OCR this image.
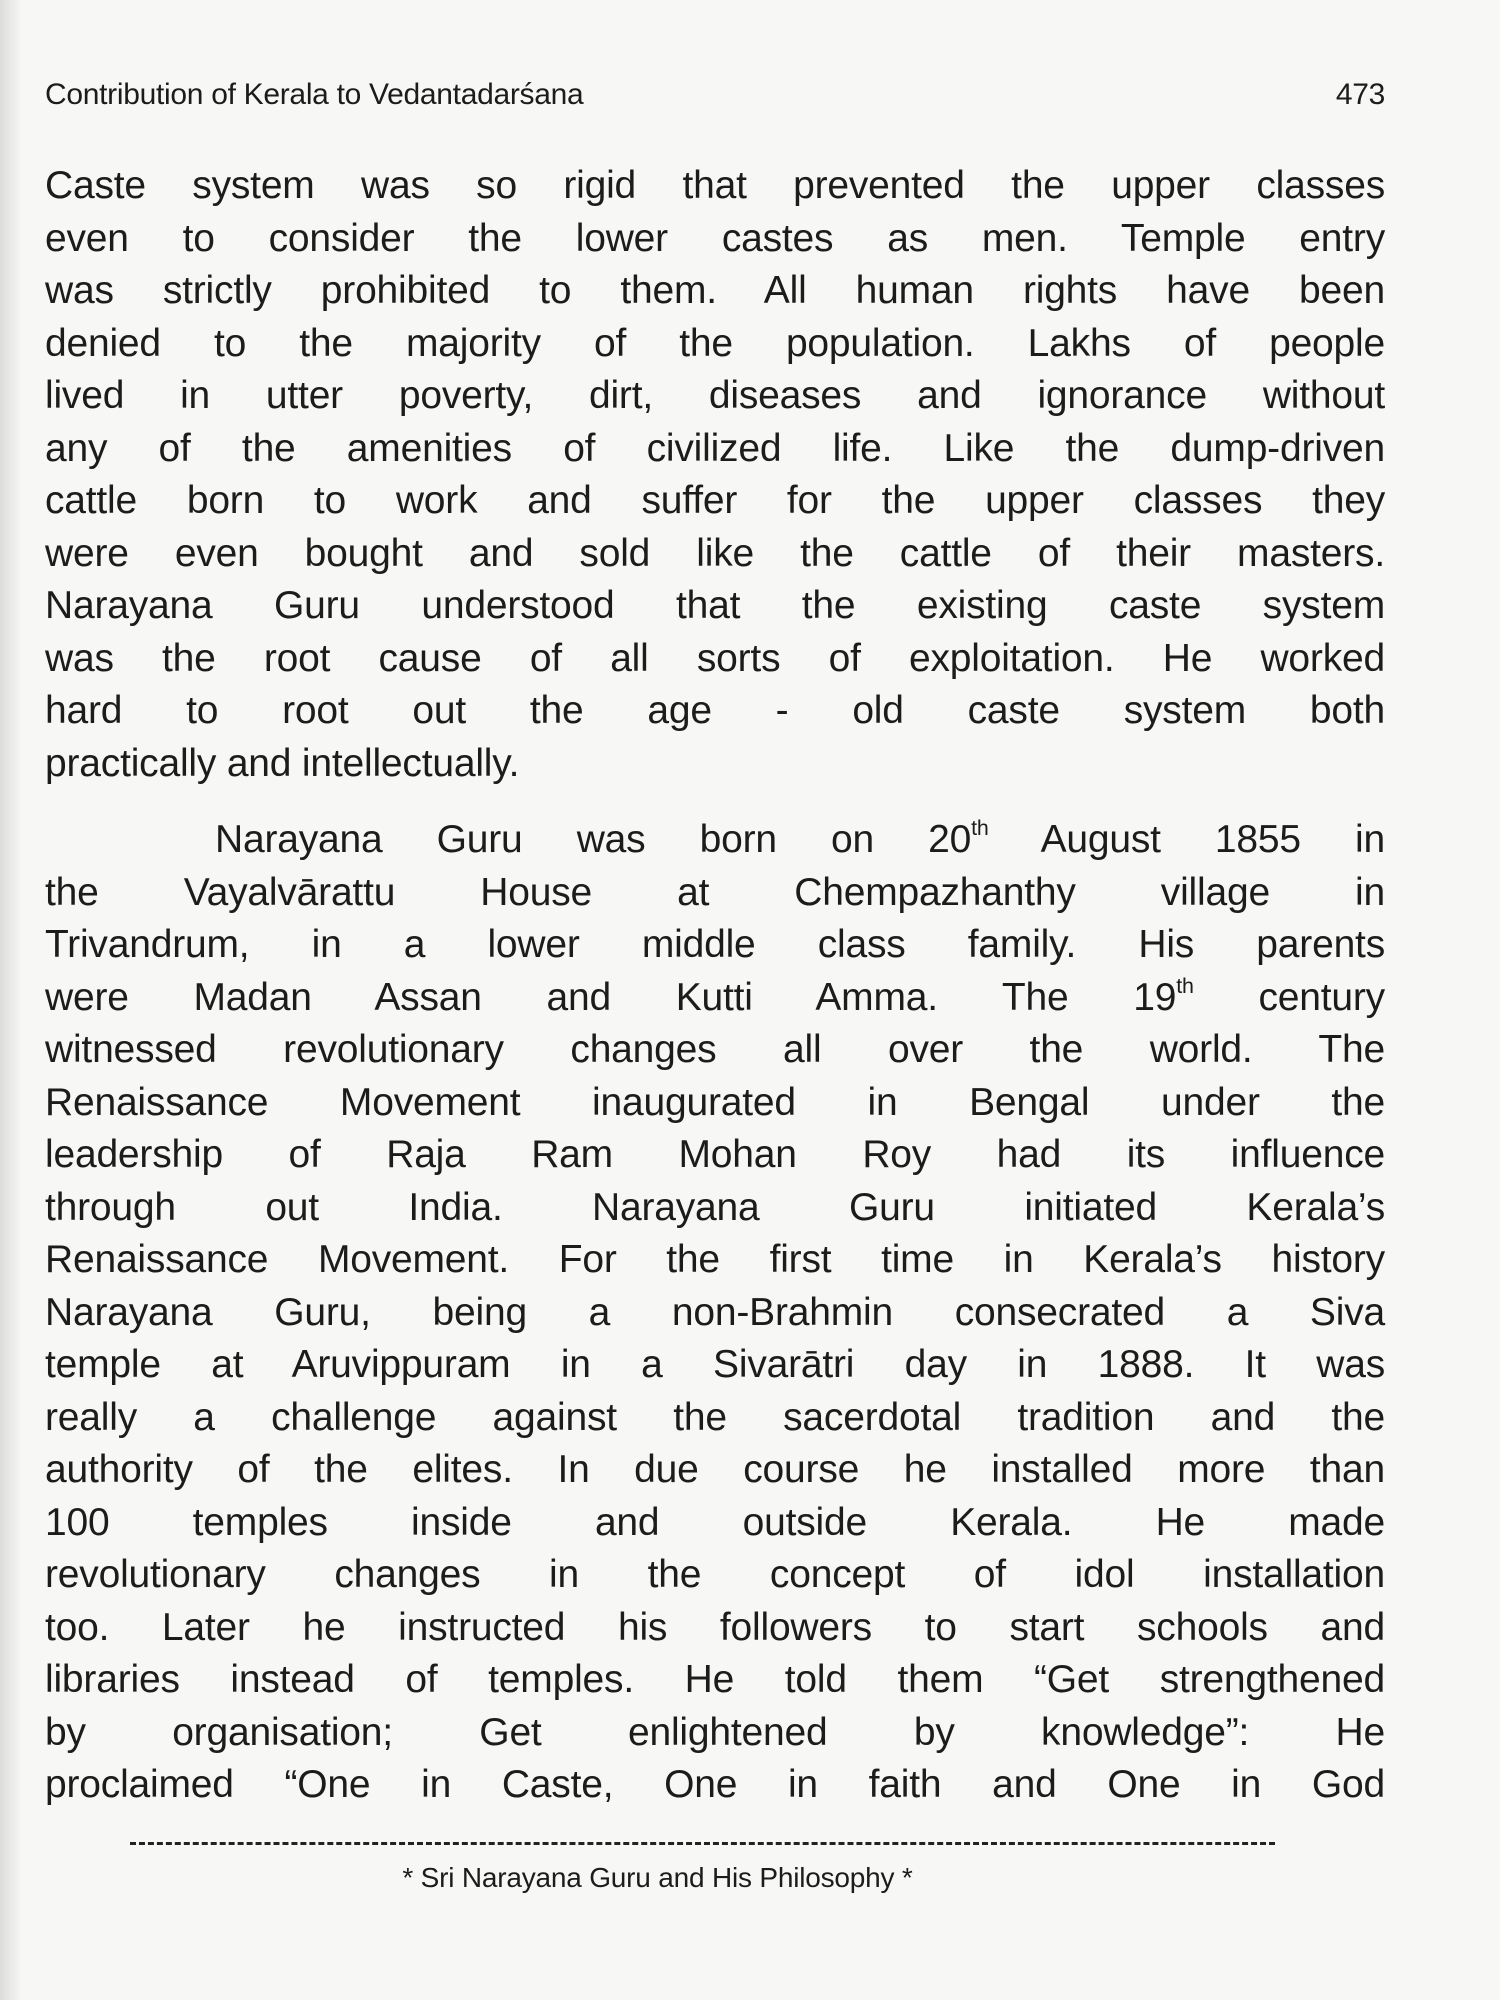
Contribution of Kerala to Vedantadarśana	473

Caste system was so rigid that prevented the upper classes
even to consider the lower castes as men. Temple entry
was strictly prohibited to them. All human rights have been
denied to the majority of the population. Lakhs of people
lived in utter poverty, dirt, diseases and ignorance without
any of the amenities of civilized life. Like the dump-driven
cattle born to work and suffer for the upper classes they
were even bought and sold like the cattle of their masters.
Narayana Guru understood that the existing caste system
was the root cause of all sorts of exploitation. He worked
hard to root out the age - old caste system both
practically and intellectually.

Narayana Guru was born on 20th August 1855 in
the Vayalvārattu House at Chempazhanthy village in
Trivandrum, in a lower middle class family. His parents
were Madan Assan and Kutti Amma. The 19th century
witnessed revolutionary changes all over the world. The
Renaissance Movement inaugurated in Bengal under the
leadership of Raja Ram Mohan Roy had its influence
through out India. Narayana Guru initiated Kerala’s
Renaissance Movement. For the first time in Kerala’s history
Narayana Guru, being a non-Brahmin consecrated a Siva
temple at Aruvippuram in a Sivarātri day in 1888. It was
really a challenge against the sacerdotal tradition and the
authority of the elites. In due course he installed more than
100 temples inside and outside Kerala. He made
revolutionary changes in the concept of idol installation
too. Later he instructed his followers to start schools and
libraries instead of temples. He told them “Get strengthened
by organisation; Get enlightened by knowledge”: He
proclaimed “One in Caste, One in faith and One in God

* Sri Narayana Guru and His Philosophy *
